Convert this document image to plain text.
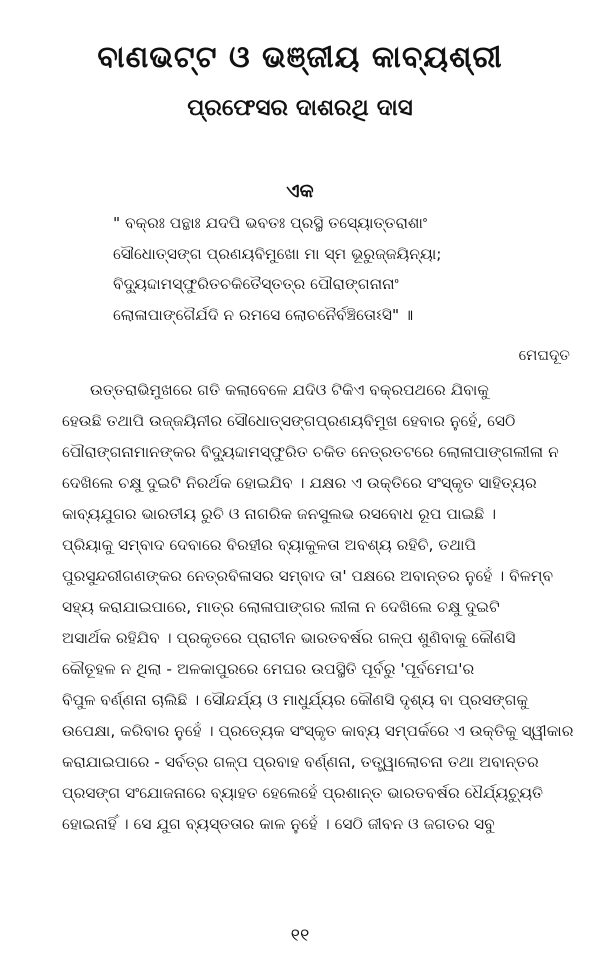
ବାଣଭଟ୍ଟ ଓ ଭଞ୍ଜୀୟ କାବ୍ୟଶ୍ରୀ
ପ୍ରଫେସର ଦାଶରଥି ଦାସ
ଏକ
" ବକ୍ରଃ ପନ୍ଥାଃ ଯଦପି ଭବତଃ ପ୍ରସ୍ଥି ତସ୍ୟୋତ୍ତରାଶାଂ
ସୌଧୋତ୍ସଙ୍ଗ ପ୍ରଣୟବିମୁଖୋ ମା ସ୍ମ ଭୂରୁଜ୍ଜୟିନ୍ୟା;
ବିଦ୍ୟୁଦ୍ଦାମସ୍ଫୁରିତଚକିତୈସ୍ତତ୍ର ପୌରାଙ୍ଗନାନାଂ
ଲୋଳାପାଙ୍ଗୈର୍ଯଦି ନ ରମସେ ଲୋଚନୈର୍ବଞ୍ଚିତୋଽସି" ॥
ମେଘଦୂତ
ଉତ୍ତରାଭିମୁଖରେ ଗତି କଲାବେଳେ ଯଦିଓ ଟିକିଏ ବକ୍ରପଥରେ ଯିବାକୁ
ହେଉଛି ତଥାପି ଉଜ୍ଜୟିନୀର ସୌଧୋତ୍ସଙ୍ଗପ୍ରଣୟବିମୁଖ ହେବାର ନୁହେଁ, ସେଠି
ପୌରାଙ୍ଗନାମାନଙ୍କର ବିଦ୍ୟୁଦ୍ଦାମସ୍ଫୁରିତ ଚକିତ ନେତ୍ରତଟରେ ଲୋଳାପାଙ୍ଗଲୀଳା ନ
ଦେଖିଲେ ଚକ୍ଷୁ ଦୁଇଟି ନିରର୍ଥକ ହୋଇଯିବ । ଯକ୍ଷର ଏ ଉକ୍ତିରେ ସଂସ୍କୃତ ସାହିତ୍ୟର
କାବ୍ୟଯୁଗର ଭାରତୀୟ ରୁଚି ଓ ନାଗରିକ ଜନସୁଲଭ ରସବୋଧ ରୂପ ପାଇଛି ।
ପ୍ରିୟାକୁ ସମ୍ବାଦ ଦେବାରେ ବିରହୀର ବ୍ୟାକୁଳତା ଅବଶ୍ୟ ରହିଚି, ତଥାପି
ପୁରସୁନ୍ଦରୀଗଣଙ୍କର ନେତ୍ରବିଳାସର ସମ୍ବାଦ ତା' ପକ୍ଷରେ ଅବାନ୍ତର ନୁହେଁ । ବିଳମ୍ବ
ସହ୍ୟ କରାଯାଇପାରେ, ମାତ୍ର ଲୋଳାପାଙ୍ଗର ଲୀଳା ନ ଦେଖିଲେ ଚକ୍ଷୁ ଦୁଇଟି
ଅସାର୍ଥକ ରହିଯିବ । ପ୍ରକୃତରେ ପ୍ରାଚୀନ ଭାରତବର୍ଷର ଗଳ୍ପ ଶୁଣିବାକୁ କୌଣସି
କୌତୂହଳ ନ ଥିଲା - ଅଳକାପୁରରେ ମେଘର ଉପସ୍ଥିତି ପୂର୍ବରୁ 'ପୂର୍ବମେଘ'ର
ବିପୁଳ ବର୍ଣ୍ଣନା ଚାଲିଛି । ସୌନ୍ଦର୍ଯ୍ୟ ଓ ମାଧୁର୍ଯ୍ୟର କୌଣସି ଦୃଶ୍ୟ ବା ପ୍ରସଙ୍ଗକୁ
ଉପେକ୍ଷା, କରିବାର ନୁହେଁ । ପ୍ରତ୍ୟେକ ସଂସ୍କୃତ କାବ୍ୟ ସମ୍ପର୍କରେ ଏ ଉକ୍ତିକୁ ସ୍ୱୀକାର
କରାଯାଇପାରେ - ସର୍ବତ୍ର ଗଳ୍ପ ପ୍ରବାହ ବର୍ଣ୍ଣନା, ତତ୍ତ୍ୱାଲୋଚନା ତଥା ଅବାନ୍ତର
ପ୍ରସଙ୍ଗ ସଂଯୋଜନାରେ ବ୍ୟାହତ ହେଲେହେଁ ପ୍ରଶାନ୍ତ ଭାରତବର୍ଷର ଧୈର୍ଯ୍ୟଚ୍ୟୁତି
ହୋଇନାହିଁ । ସେ ଯୁଗ ବ୍ୟସ୍ତତାର କାଳ ନୁହେଁ । ସେଠି ଜୀବନ ଓ ଜଗତର ସବୁ
୧୧
